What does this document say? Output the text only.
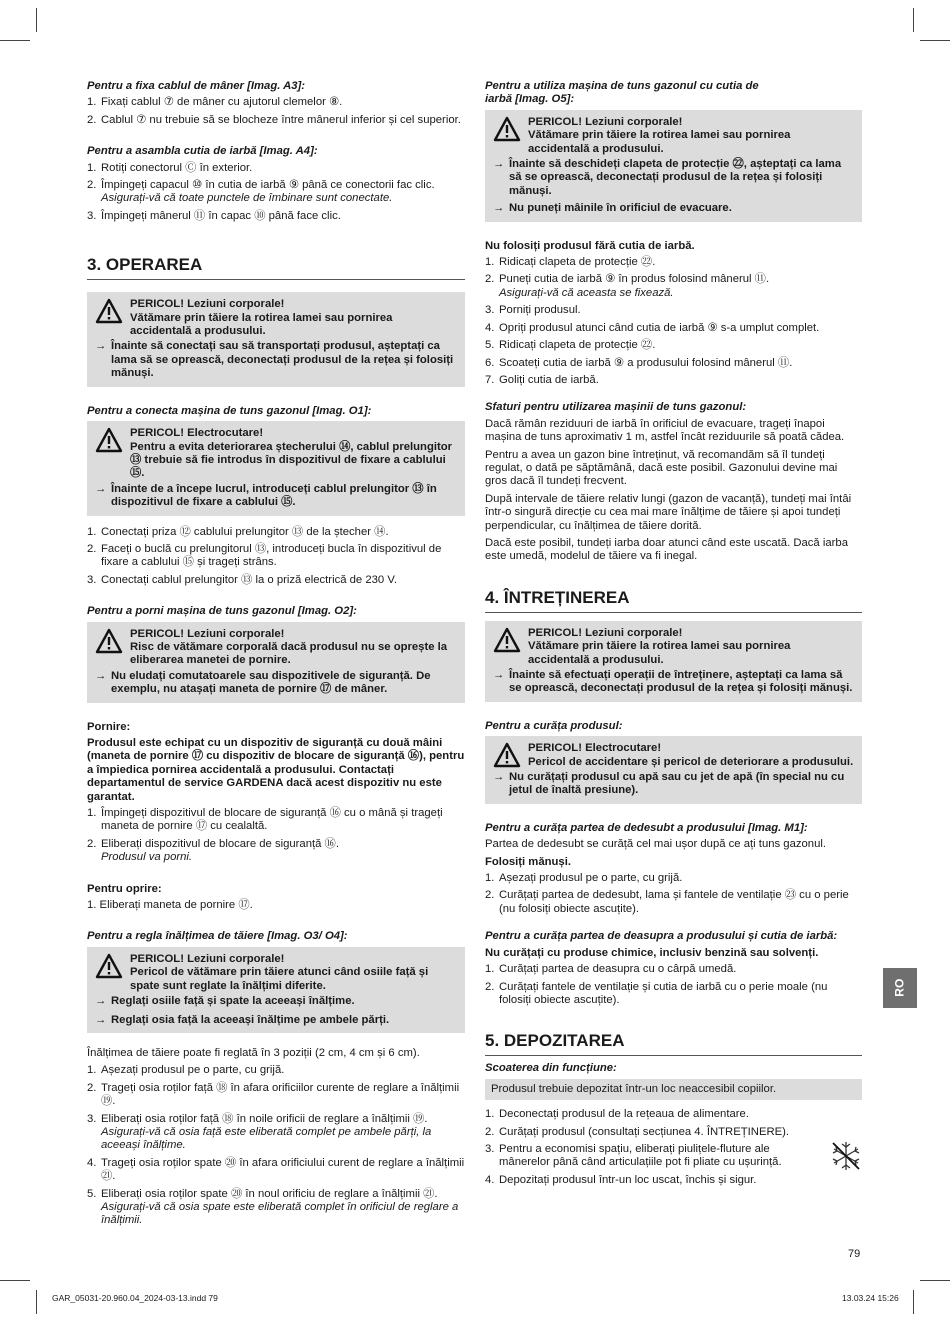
Pentru a fixa cablul de mâner [Imag. A3]:
1. Fixați cablul ⑦ de mâner cu ajutorul clemelor ⑧.
2. Cablul ⑦ nu trebuie să se blocheze între mânerul inferior și cel superior.
Pentru a asambla cutia de iarbă [Imag. A4]:
1. Rotiți conectorul Ⓒ în exterior.
2. Împingeți capacul ⑩ în cutia de iarbă ⑨ până ce conectorii fac clic.
Asigurați-vă că toate punctele de îmbinare sunt conectate.
3. Împingeți mânerul ⑪ în capac ⑩ până face clic.
3. OPERAREA
PERICOL! Leziuni corporale!
Vătămare prin tăiere la rotirea lamei sau pornirea accidentală a produsului.
→ Înainte să conectați sau să transportați produsul, așteptați ca lama să se oprească, deconectați produsul de la rețea și folosiți mănuși.
Pentru a conecta mașina de tuns gazonul [Imag. O1]:
PERICOL! Electrocutare!
Pentru a evita deteriorarea ștecherului ⑭, cablul prelungitor ⑬ trebuie să fie introdus în dispozitivul de fixare a cablului ⑮.
→ Înainte de a începe lucrul, introduceți cablul prelungitor ⑬ în dispozitivul de fixare a cablului ⑮.
1. Conectați priza ⑫ cablului prelungitor ⑬ de la ștecher ⑭.
2. Faceți o buclă cu prelungitorul ⑬, introduceți bucla în dispozitivul de fixare a cablului ⑮ și trageți strâns.
3. Conectați cablul prelungitor ⑬ la o priză electrică de 230 V.
Pentru a porni mașina de tuns gazonul [Imag. O2]:
PERICOL! Leziuni corporale!
Risc de vătămare corporală dacă produsul nu se oprește la eliberarea manetei de pornire.
→ Nu eludați comutatoarele sau dispozitivele de siguranță. De exemplu, nu atașați maneta de pornire ⑰ de mâner.
Pornire:
Produsul este echipat cu un dispozitiv de siguranță cu două mâini (maneta de pornire ⑰ cu dispozitiv de blocare de siguranță ⑯), pentru a împiedica pornirea accidentală a produsului. Contactați departamentul de service GARDENA dacă acest dispozitiv nu este garantat.
1. Împingeți dispozitivul de blocare de siguranță ⑯ cu o mână și trageți maneta de pornire ⑰ cu cealaltă.
2. Eliberați dispozitivul de blocare de siguranță ⑯.
Produsul va porni.
Pentru oprire:
1. Eliberați maneta de pornire ⑰.
Pentru a regla înălțimea de tăiere [Imag. O3/ O4]:
PERICOL! Leziuni corporale!
Pericol de vătămare prin tăiere atunci când osiile față și spate sunt reglate la înălțimi diferite.
→ Reglați osiile față și spate la aceeași înălțime.
→ Reglați osia față la aceeași înălțime pe ambele părți.
Înălțimea de tăiere poate fi reglată în 3 poziții (2 cm, 4 cm și 6 cm).
1. Așezați produsul pe o parte, cu grijă.
2. Trageți osia roților față ⑱ în afara orificiilor curente de reglare a înălțimii ⑲.
3. Eliberați osia roților față ⑱ în noile orificii de reglare a înălțimii ⑲.
Asigurați-vă că osia față este eliberată complet pe ambele părți, la aceeași înălțime.
4. Trageți osia roților spate ⑳ în afara orificiului curent de reglare a înălțimii ㉑.
5. Eliberați osia roților spate ⑳ în noul orificiu de reglare a înălțimii ㉑.
Asigurați-vă că osia spate este eliberată complet în orificiul de reglare a înălțimii.
Pentru a utiliza mașina de tuns gazonul cu cutia de iarbă [Imag. O5]:
PERICOL! Leziuni corporale!
Vătămare prin tăiere la rotirea lamei sau pornirea accidentală a produsului.
→ Înainte să deschideți clapeta de protecție ㉒, așteptați ca lama să se oprească, deconectați produsul de la rețea și folosiți mănuși.
→ Nu puneți mâinile în orificiul de evacuare.
Nu folosiți produsul fără cutia de iarbă.
1. Ridicați clapeta de protecție ㉒.
2. Puneți cutia de iarbă ⑨ în produs folosind mânerul ⑪.
Asigurați-vă că aceasta se fixează.
3. Porniți produsul.
4. Opriți produsul atunci când cutia de iarbă ⑨ s-a umplut complet.
5. Ridicați clapeta de protecție ㉒.
6. Scoateți cutia de iarbă ⑨ a produsului folosind mânerul ⑪.
7. Goliți cutia de iarbă.
Sfaturi pentru utilizarea mașinii de tuns gazonul:
Dacă rămân reziduuri de iarbă în orificiul de evacuare, trageți înapoi mașina de tuns aproximativ 1 m, astfel încât reziduurile să poată cădea.
Pentru a avea un gazon bine întreținut, vă recomandăm să îl tundeți regulat, o dată pe săptămână, dacă este posibil. Gazonului devine mai gros dacă îl tundeți frecvent.
După intervale de tăiere relativ lungi (gazon de vacanță), tundeți mai întâi într-o singură direcție cu cea mai mare înălțime de tăiere și apoi tundeți perpendicular, cu înălțimea de tăiere dorită.
Dacă este posibil, tundeți iarba doar atunci când este uscată. Dacă iarba este umedă, modelul de tăiere va fi inegal.
4. ÎNTREȚINEREA
PERICOL! Leziuni corporale!
Vătămare prin tăiere la rotirea lamei sau pornirea accidentală a produsului.
→ Înainte să efectuați operații de întreținere, așteptați ca lama să se oprească, deconectați produsul de la rețea și folosiți mănuși.
Pentru a curăța produsul:
PERICOL! Electrocutare!
Pericol de accidentare și pericol de deteriorare a produsului.
→ Nu curățați produsul cu apă sau cu jet de apă (în special nu cu jetul de înaltă presiune).
Pentru a curăța partea de dedesubt a produsului [Imag. M1]:
Partea de dedesubt se curăță cel mai ușor după ce ați tuns gazonul.
Folosiți mănuși.
1. Așezați produsul pe o parte, cu grijă.
2. Curățați partea de dedesubt, lama și fantele de ventilație ㉓ cu o perie (nu folosiți obiecte ascuțite).
Pentru a curăța partea de deasupra a produsului și cutia de iarbă:
Nu curățați cu produse chimice, inclusiv benzină sau solvenți.
1. Curățați partea de deasupra cu o cârpă umedă.
2. Curățați fantele de ventilație și cutia de iarbă cu o perie moale (nu folosiți obiecte ascuțite).
5. DEPOZITAREA
Scoaterea din funcțiune:
Produsul trebuie depozitat într-un loc neaccesibil copiilor.
1. Deconectați produsul de la rețeaua de alimentare.
2. Curățați produsul (consultați secțiunea 4. ÎNTREȚINERE).
3. Pentru a economisi spațiu, eliberați piulițele-fluture ale mânerelor până când articulațiile pot fi pliate cu ușurință.
4. Depozitați produsul într-un loc uscat, închis și sigur.
RO
79
GAR_05031-20.960.04_2024-03-13.indd 79	13.03.24 15:26
